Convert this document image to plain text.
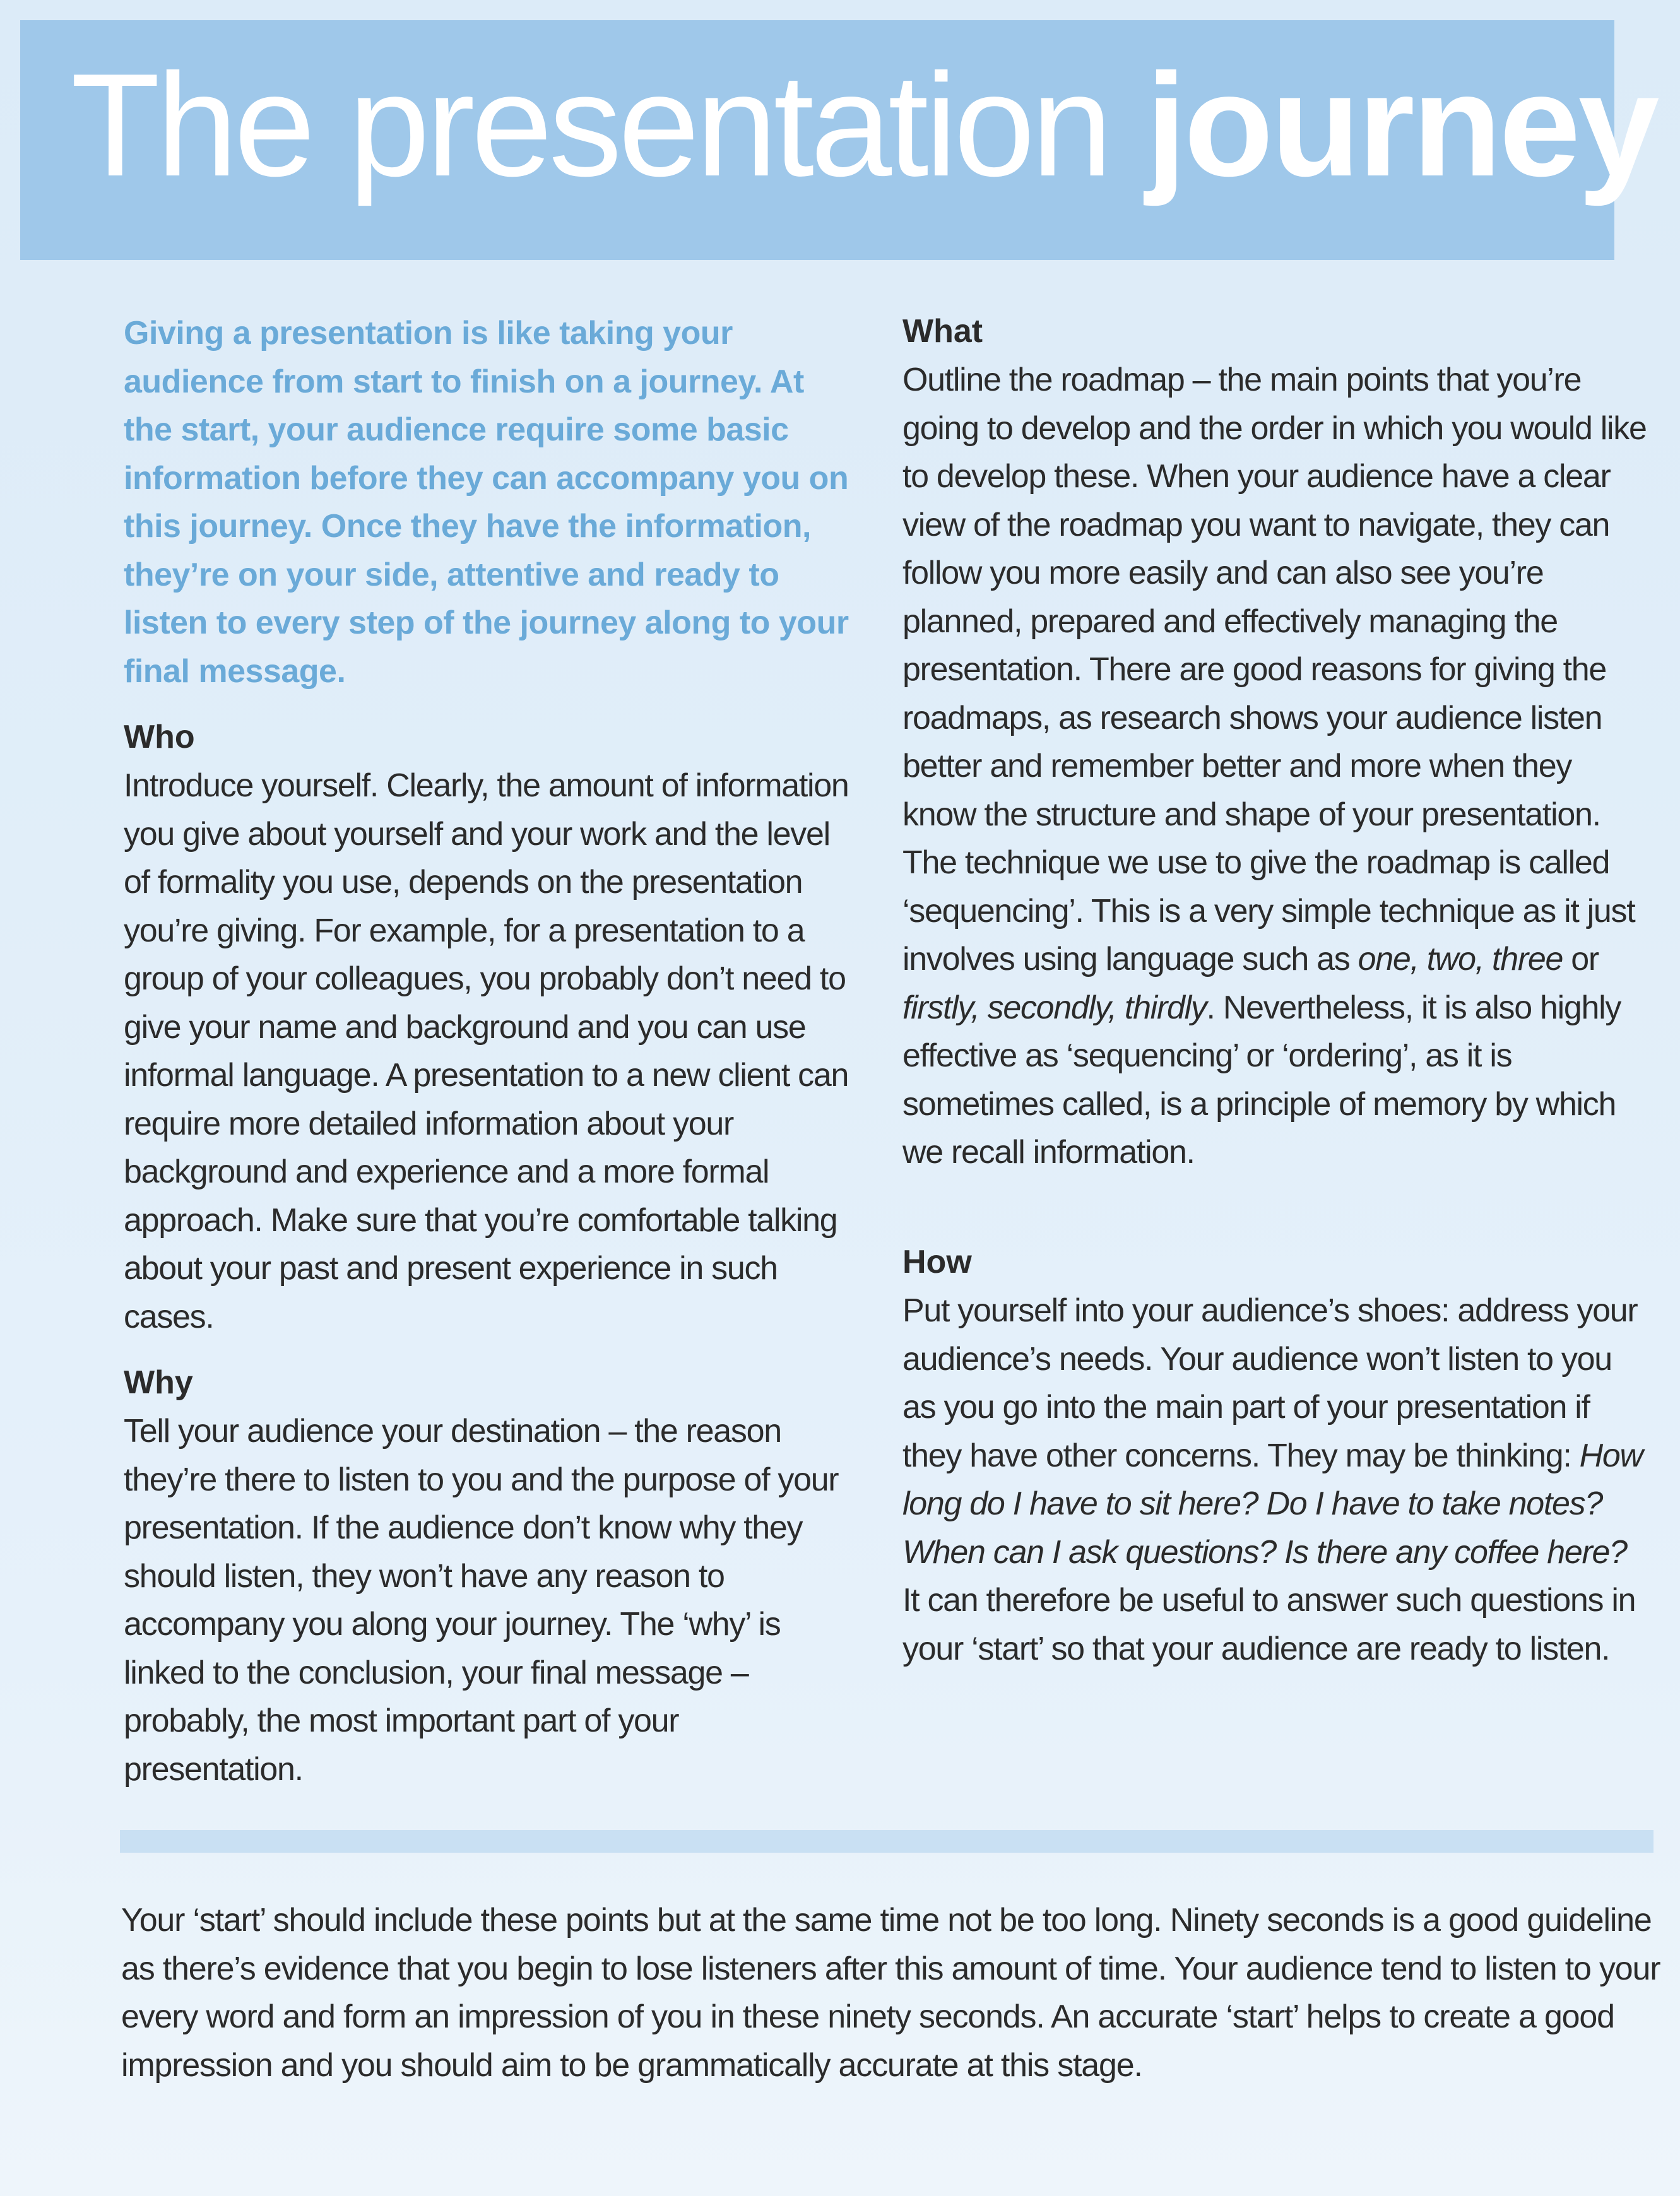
The presentation journey

Giving a presentation is like taking your audience from start to finish on a journey. At the start, your audience require some basic information before they can accompany you on this journey. Once they have the information, they’re on your side, attentive and ready to listen to every step of the journey along to your final message.

Who

Introduce yourself. Clearly, the amount of information you give about yourself and your work and the level of formality you use, depends on the presentation you’re giving. For example, for a presentation to a group of your colleagues, you probably don’t need to give your name and background and you can use informal language. A presentation to a new client can require more detailed information about your background and experience and a more formal approach. Make sure that you’re comfortable talking about your past and present experience in such cases.

Why

Tell your audience your destination – the reason they’re there to listen to you and the purpose of your presentation. If the audience don’t know why they should listen, they won’t have any reason to accompany you along your journey. The ‘why’ is linked to the conclusion, your final message – probably, the most important part of your presentation.

What

Outline the roadmap – the main points that you’re going to develop and the order in which you would like to develop these. When your audience have a clear view of the roadmap you want to navigate, they can follow you more easily and can also see you’re planned, prepared and effectively managing the presentation. There are good reasons for giving the roadmaps, as research shows your audience listen better and remember better and more when they know the structure and shape of your presentation. The technique we use to give the roadmap is called ‘sequencing’. This is a very simple technique as it just involves using language such as one, two, three or firstly, secondly, thirdly. Nevertheless, it is also highly effective as ‘sequencing’ or ‘ordering’, as it is sometimes called, is a principle of memory by which we recall information.

How

Put yourself into your audience’s shoes: address your audience’s needs. Your audience won’t listen to you as you go into the main part of your presentation if they have other concerns. They may be thinking: How long do I have to sit here? Do I have to take notes? When can I ask questions? Is there any coffee here? It can therefore be useful to answer such questions in your ‘start’ so that your audience are ready to listen.

Your ‘start’ should include these points but at the same time not be too long. Ninety seconds is a good guideline as there’s evidence that you begin to lose listeners after this amount of time. Your audience tend to listen to your every word and form an impression of you in these ninety seconds. An accurate ‘start’ helps to create a good impression and you should aim to be grammatically accurate at this stage.
